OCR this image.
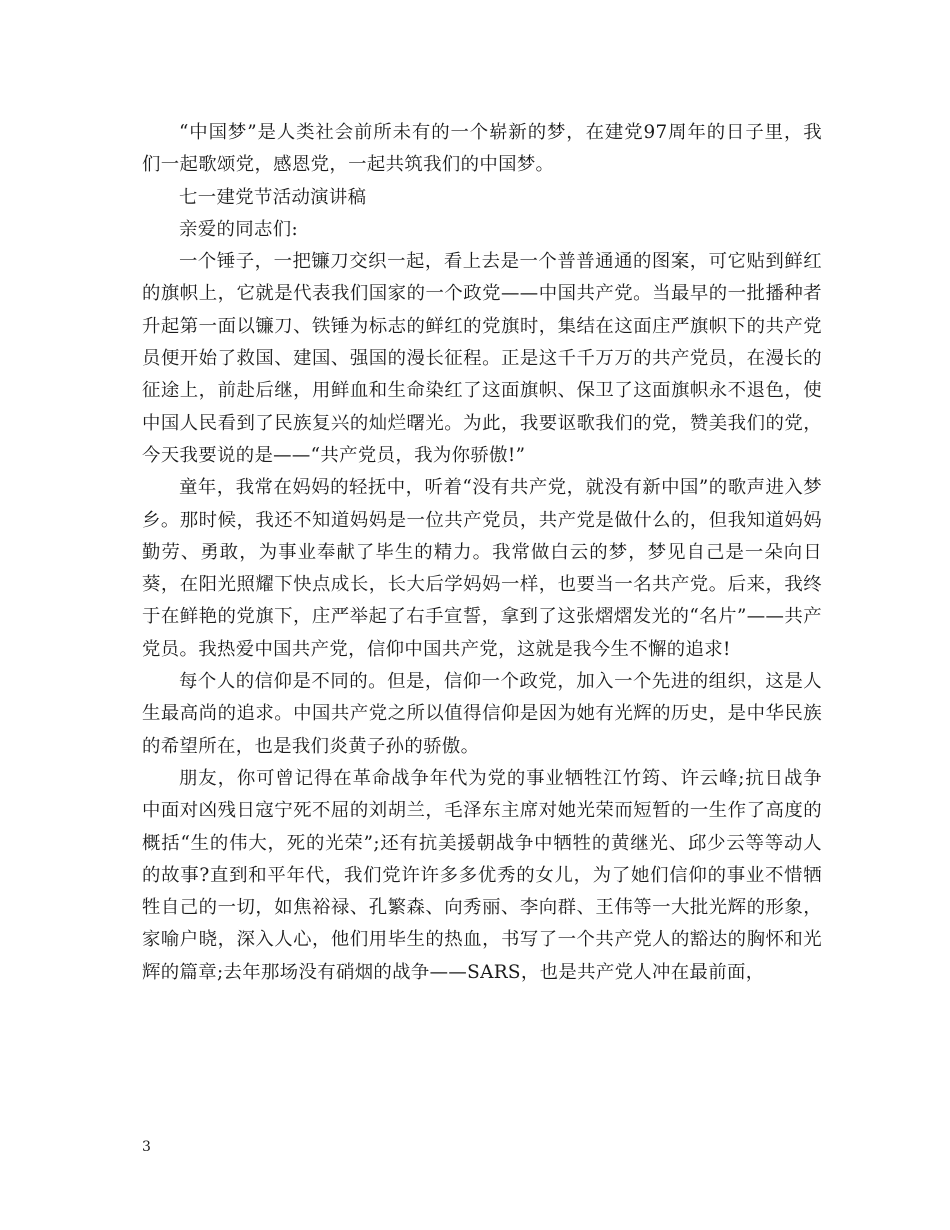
“中国梦”是人类社会前所未有的一个崭新的梦，在建党97周年的日子里，我们一起歌颂党，感恩党，一起共筑我们的中国梦。

七一建党节活动演讲稿

亲爱的同志们:

一个锤子，一把镰刀交织一起，看上去是一个普普通通的图案，可它贴到鲜红的旗帜上，它就是代表我们国家的一个政党——中国共产党。当最早的一批播种者升起第一面以镰刀、铁锤为标志的鲜红的党旗时，集结在这面庄严旗帜下的共产党员便开始了救国、建国、强国的漫长征程。正是这千千万万的共产党员，在漫长的征途上，前赴后继，用鲜血和生命染红了这面旗帜、保卫了这面旗帜永不退色，使中国人民看到了民族复兴的灿烂曙光。为此，我要讴歌我们的党，赞美我们的党，今天我要说的是——“共产党员，我为你骄傲!”

童年，我常在妈妈的轻抚中，听着“没有共产党，就没有新中国”的歌声进入梦乡。那时候，我还不知道妈妈是一位共产党员，共产党是做什么的，但我知道妈妈勤劳、勇敢，为事业奉献了毕生的精力。我常做白云的梦，梦见自己是一朵向日葵，在阳光照耀下快点成长，长大后学妈妈一样，也要当一名共产党。后来，我终于在鲜艳的党旗下，庄严举起了右手宣誓，拿到了这张熠熠发光的“名片”——共产党员。我热爱中国共产党，信仰中国共产党，这就是我今生不懈的追求!

每个人的信仰是不同的。但是，信仰一个政党，加入一个先进的组织，这是人生最高尚的追求。中国共产党之所以值得信仰是因为她有光辉的历史，是中华民族的希望所在，也是我们炎黄子孙的骄傲。

朋友，你可曾记得在革命战争年代为党的事业牺牲江竹筠、许云峰;抗日战争中面对凶残日寇宁死不屈的刘胡兰，毛泽东主席对她光荣而短暂的一生作了高度的概括“生的伟大，死的光荣”;还有抗美援朝战争中牺牲的黄继光、邱少云等等动人的故事?直到和平年代，我们党许许多多优秀的女儿，为了她们信仰的事业不惜牺牲自己的一切，如焦裕禄、孔繁森、向秀丽、李向群、王伟等一大批光辉的形象，家喻户晓，深入人心，他们用毕生的热血，书写了一个共产党人的豁达的胸怀和光辉的篇章;去年那场没有硝烟的战争——SARS，也是共产党人冲在最前面，

3
